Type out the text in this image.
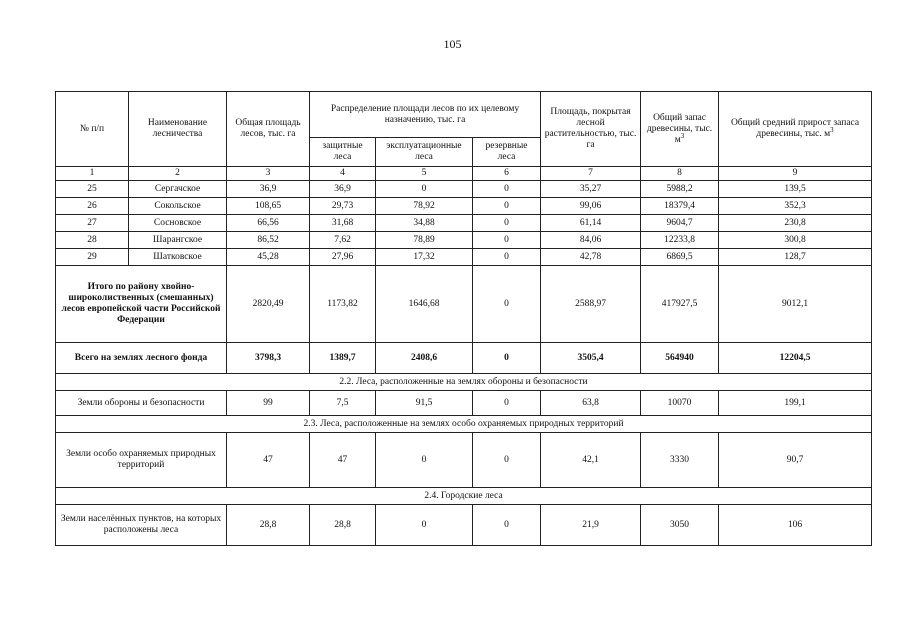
105
№ п/п	Наименование лесничества	Общая площадь лесов, тыс. га	Распределение площади лесов по их целевому назначению, тыс. га			Площадь, покрытая лесной растительностью, тыс. га	Общий запас древесины, тыс. $м^3$	Общий средний прирост запаса древесины, тыс. $м^3$
			защитные леса	эксплуатационные леса	резервные леса			
1	2	3	4	5	6	7	8	9
25	Сергачское	36,9	36,9	0	0	35,27	5988,2	139,5
26	Сокольское	108,65	29,73	78,92	0	99,06	18379,4	352,3
27	Сосновское	66,56	31,68	34,88	0	61,14	9604,7	230,8
28	Шарангское	86,52	7,62	78,89	0	84,06	12233,8	300,8
29	Шатковское	45,28	27,96	17,32	0	42,78	6869,5	128,7
Итого по району хвойно-широколиственных (смешанных) лесов европейской части Российской Федерации		2820,49	1173,82	1646,68	0	2588,97	417927,5	9012,1
Всего на землях лесного фонда		3798,3	1389,7	2408,6	0	3505,4	564940	12204,5
2.2. Леса, расположенные на землях обороны и безопасности								
Земли обороны и безопасности		99	7,5	91,5	0	63,8	10070	199,1
2.3. Леса, расположенные на землях особо охраняемых природных территорий								
Земли особо охраняемых природных территорий		47	47	0	0	42,1	3330	90,7
2.4. Городские леса								
Земли населённых пунктов, на которых расположены леса		28,8	28,8	0	0	21,9	3050	106
